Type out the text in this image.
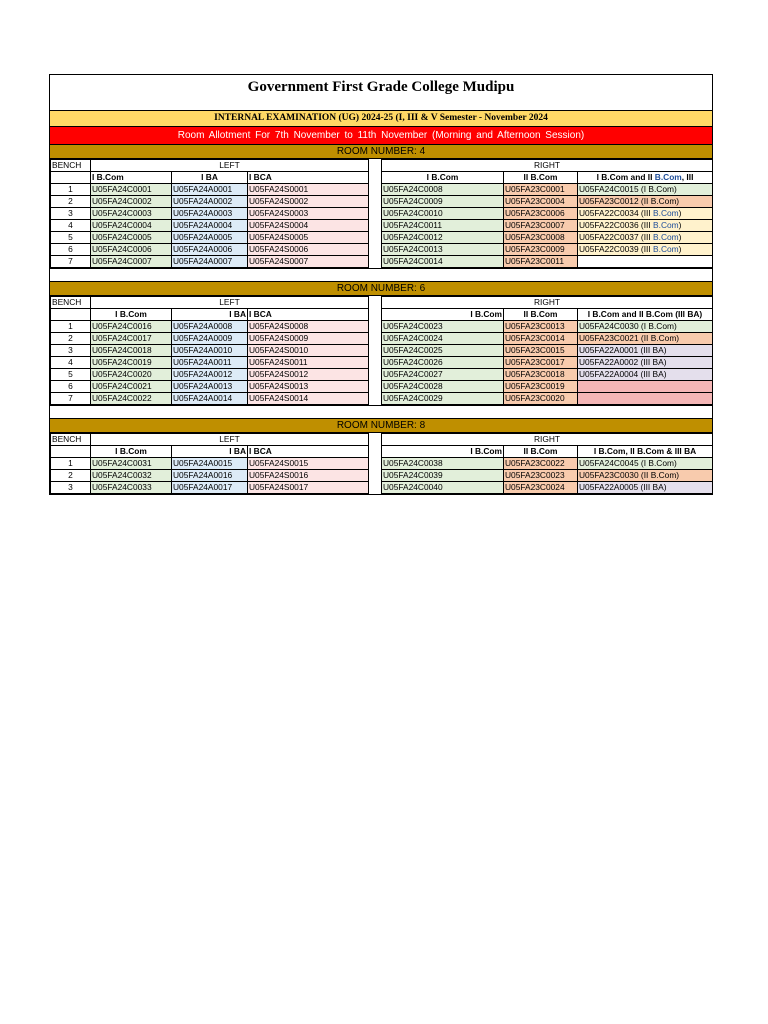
Government First Grade College Mudipu
INTERNAL EXAMINATION (UG) 2024-25 (I, III & V Semester - November 2024
Room Allotment For 7th November to 11th November (Morning and Afternoon Session)
ROOM NUMBER: 4
BENCH	LEFT				RIGHT		
	I B.Com	I BA	I BCA		I B.Com	II B.Com	I B.Com and II B.Com, III
1	U05FA24C0001	U05FA24A0001	U05FA24S0001		U05FA24C0008	U05FA23C0001	U05FA24C0015 (I B.Com)
2	U05FA24C0002	U05FA24A0002	U05FA24S0002		U05FA24C0009	U05FA23C0004	U05FA23C0012 (II B.Com)
3	U05FA24C0003	U05FA24A0003	U05FA24S0003		U05FA24C0010	U05FA23C0006	U05FA22C0034 (III B.Com)
4	U05FA24C0004	U05FA24A0004	U05FA24S0004		U05FA24C0011	U05FA23C0007	U05FA22C0036 (III B.Com)
5	U05FA24C0005	U05FA24A0005	U05FA24S0005		U05FA24C0012	U05FA23C0008	U05FA22C0037 (III B.Com)
6	U05FA24C0006	U05FA24A0006	U05FA24S0006		U05FA24C0013	U05FA23C0009	U05FA22C0039 (III B.Com)
7	U05FA24C0007	U05FA24A0007	U05FA24S0007		U05FA24C0014	U05FA23C0011	
ROOM NUMBER: 6
BENCH	LEFT				RIGHT		
	I B.Com	I BA	I BCA		I B.Com	II B.Com	I B.Com and II B.Com (III BA)
1	U05FA24C0016	U05FA24A0008	U05FA24S0008		U05FA24C0023	U05FA23C0013	U05FA24C0030 (I B.Com)
2	U05FA24C0017	U05FA24A0009	U05FA24S0009		U05FA24C0024	U05FA23C0014	U05FA23C0021 (II B.Com)
3	U05FA24C0018	U05FA24A0010	U05FA24S0010		U05FA24C0025	U05FA23C0015	U05FA22A0001 (III BA)
4	U05FA24C0019	U05FA24A0011	U05FA24S0011		U05FA24C0026	U05FA23C0017	U05FA22A0002 (III BA)
5	U05FA24C0020	U05FA24A0012	U05FA24S0012		U05FA24C0027	U05FA23C0018	U05FA22A0004 (III BA)
6	U05FA24C0021	U05FA24A0013	U05FA24S0013		U05FA24C0028	U05FA23C0019	
7	U05FA24C0022	U05FA24A0014	U05FA24S0014		U05FA24C0029	U05FA23C0020	
ROOM NUMBER: 8
BENCH	LEFT				RIGHT		
	I B.Com	I BA	I BCA		I B.Com	II B.Com	I B.Com, II B.Com & III BA
1	U05FA24C0031	U05FA24A0015	U05FA24S0015		U05FA24C0038	U05FA23C0022	U05FA24C0045 (I B.Com)
2	U05FA24C0032	U05FA24A0016	U05FA24S0016		U05FA24C0039	U05FA23C0023	U05FA23C0030 (II B.Com)
3	U05FA24C0033	U05FA24A0017	U05FA24S0017		U05FA24C0040	U05FA23C0024	U05FA22A0005 (III BA)
